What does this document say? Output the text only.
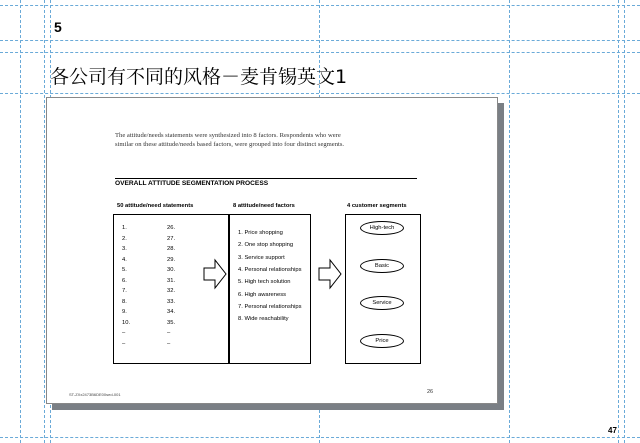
5
各公司有不同的风格－麦肯锡英文1
The attitude/needs statements were synthesized into 8 factors. Respondents who were similar on these attitude/needs based factors, were grouped into four distinct segments.
OVERALL ATTITUDE SEGMENTATION PROCESS
50 attitude/need statements
1.
2.
3.
4.
5.
6.
7.
8.
9.
10.
–
–
26.
27.
28.
29.
30.
31.
32.
33.
34.
35.
–
–
8 attitude/need factors
1. Price shopping
2. One stop shopping
3. Service support
4. Personal relationships
5. High tech solution
6. High awareness
7. Personal relationships
8. Wide reachability
4 customer segments
High-tech
Basic
Service
Price
ST-ZXx2473B6DE00sed-001	26
47
